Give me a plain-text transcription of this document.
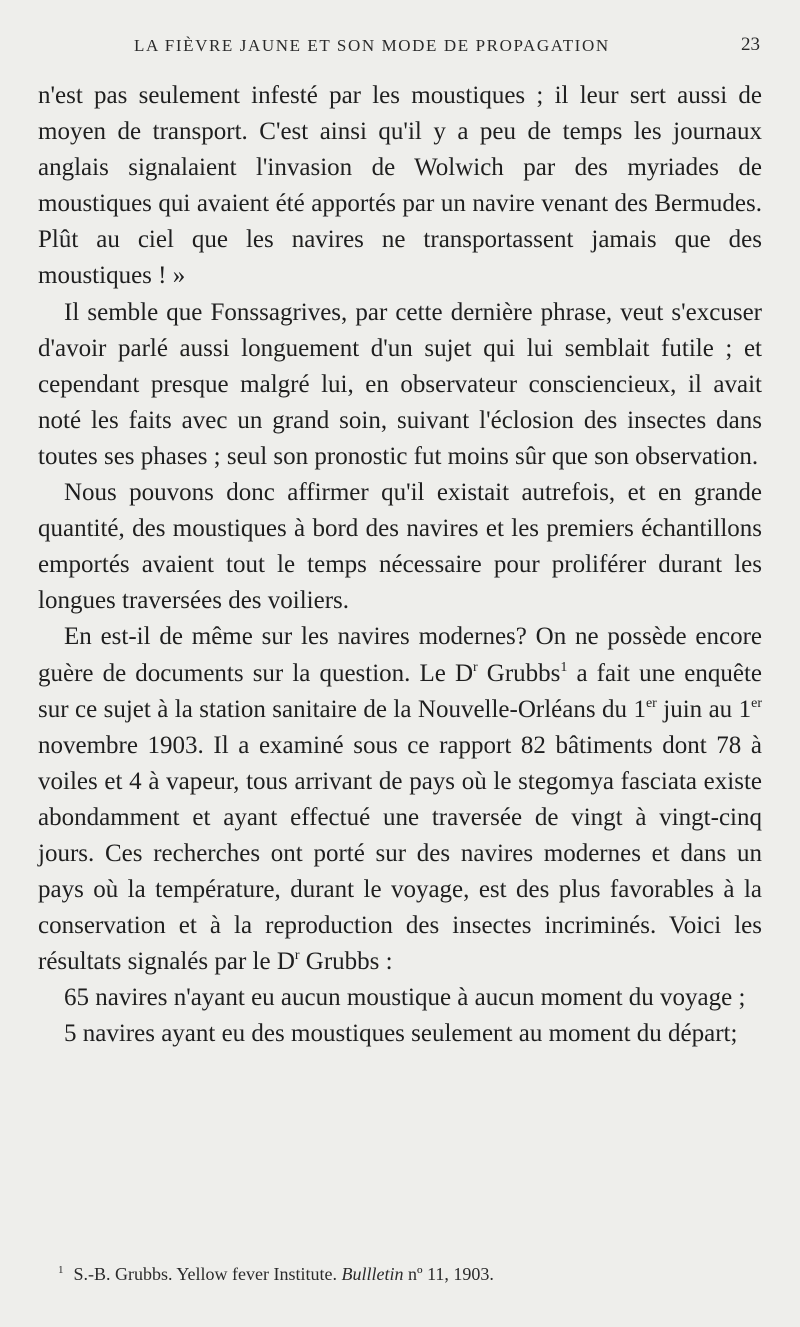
LA FIÈVRE JAUNE ET SON MODE DE PROPAGATION	23

n'est pas seulement infesté par les moustiques ; il leur sert aussi de moyen de transport. C'est ainsi qu'il y a peu de temps les journaux anglais signalaient l'invasion de Wolwich par des myriades de moustiques qui avaient été apportés par un navire venant des Bermudes. Plût au ciel que les navires ne transportassent jamais que des moustiques ! »

Il semble que Fonssagrives, par cette dernière phrase, veut s'excuser d'avoir parlé aussi longuement d'un sujet qui lui semblait futile ; et cependant presque malgré lui, en observateur consciencieux, il avait noté les faits avec un grand soin, suivant l'éclosion des insectes dans toutes ses phases ; seul son pronostic fut moins sûr que son observation.

Nous pouvons donc affirmer qu'il existait autrefois, et en grande quantité, des moustiques à bord des navires et les premiers échantillons emportés avaient tout le temps nécessaire pour proliférer durant les longues traversées des voiliers.

En est-il de même sur les navires modernes? On ne possède encore guère de documents sur la question. Le $D^r$ Grubbs$^1$ a fait une enquête sur ce sujet à la station sanitaire de la Nouvelle-Orléans du 1er juin au 1er novembre 1903. Il a examiné sous ce rapport 82 bâtiments dont 78 à voiles et 4 à vapeur, tous arrivant de pays où le stegomya fasciata existe abondamment et ayant effectué une traversée de vingt à vingt-cinq jours. Ces recherches ont porté sur des navires modernes et dans un pays où la température, durant le voyage, est des plus favorables à la conservation et à la reproduction des insectes incriminés. Voici les résultats signalés par le $D^r$ Grubbs :

65 navires n'ayant eu aucun moustique à aucun moment du voyage ;

5 navires ayant eu des moustiques seulement au moment du départ;

$^1$ S.-B. Grubbs. Yellow fever Institute. Bullletin nº 11, 1903.
